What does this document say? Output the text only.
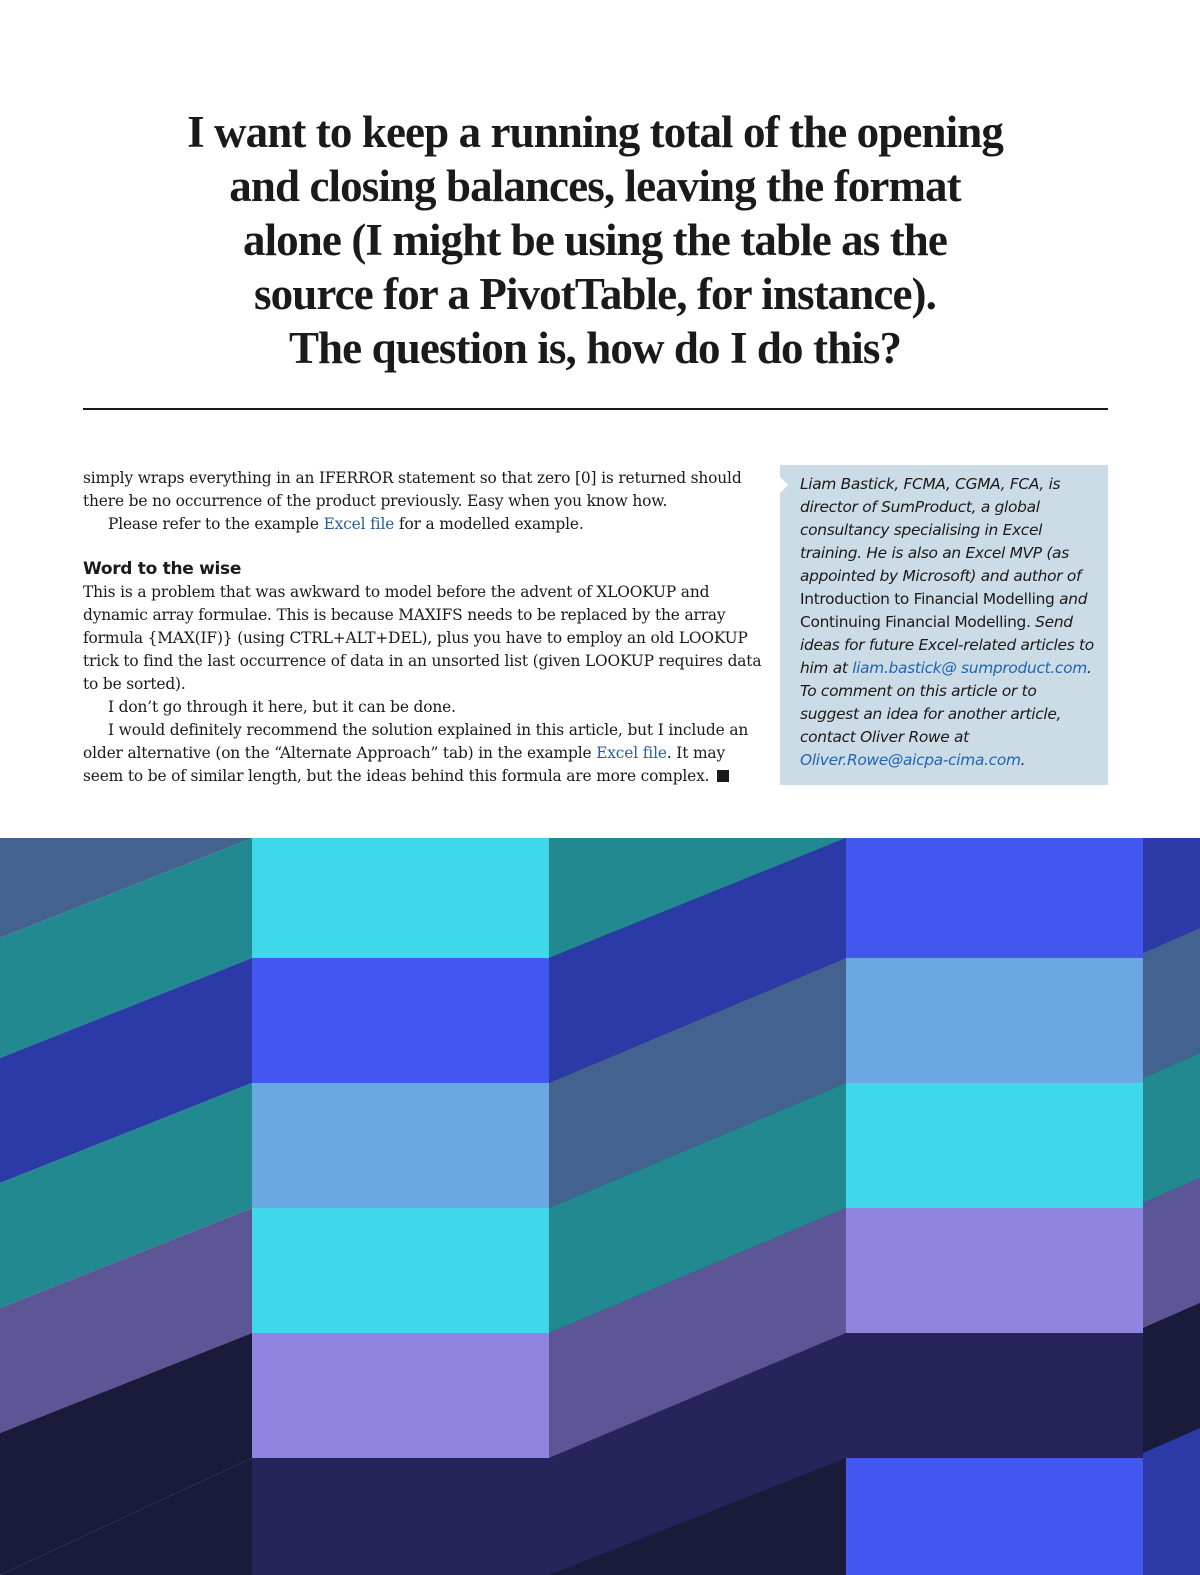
I want to keep a running total of the opening
and closing balances, leaving the format
alone (I might be using the table as the
source for a PivotTable, for instance).
The question is, how do I do this?

simply wraps everything in an IFERROR statement so that zero [0] is returned should there be no occurrence of the product previously. Easy when you know how.

Please refer to the example Excel file for a modelled example.

Word to the wise

This is a problem that was awkward to model before the advent of XLOOKUP and dynamic array formulae. This is because MAXIFS needs to be replaced by the array formula {MAX(IF)} (using CTRL+ALT+DEL), plus you have to employ an old LOOKUP trick to find the last occurrence of data in an unsorted list (given LOOKUP requires data to be sorted).

I don’t go through it here, but it can be done.

I would definitely recommend the solution explained in this article, but I include an older alternative (on the “Alternate Approach” tab) in the example Excel file. It may seem to be of similar length, but the ideas behind this formula are more complex.

Liam Bastick, FCMA, CGMA, FCA, is director of SumProduct, a global consultancy specialising in Excel training. He is also an Excel MVP (as appointed by Microsoft) and author of Introduction to Financial Modelling and Continuing Financial Modelling. Send ideas for future Excel-related articles to him at liam.bastick@ sumproduct.com. To comment on this article or to suggest an idea for another article, contact Oliver Rowe at Oliver.Rowe@aicpa-cima.com.
